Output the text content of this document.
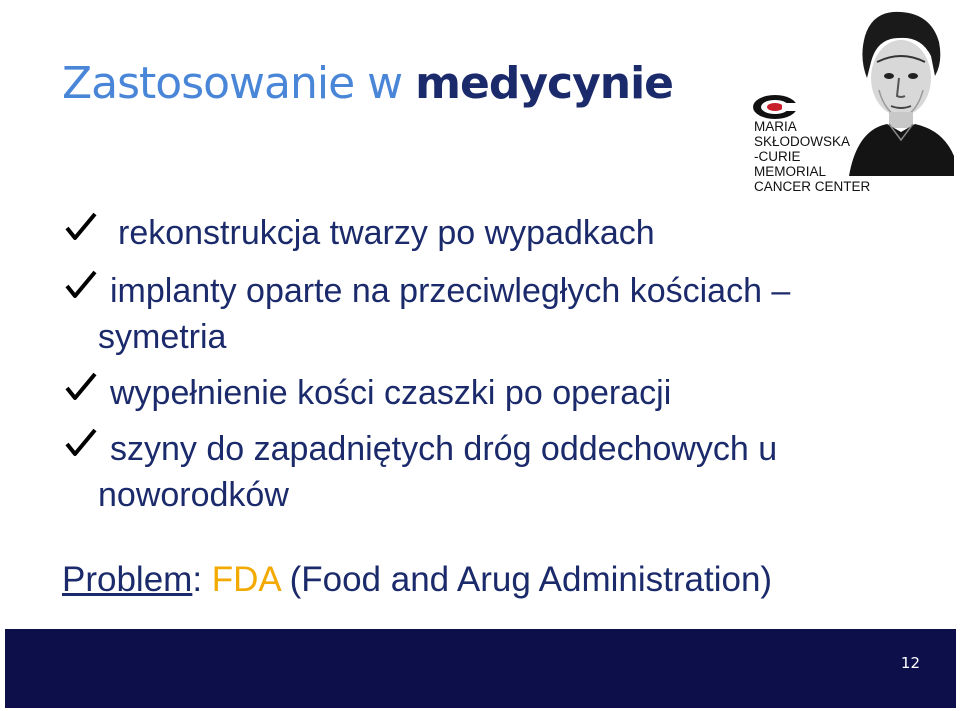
Zastosowanie w medycynie
MARIA
SKŁODOWSKA
-CURIE
MEMORIAL
CANCER CENTER
rekonstrukcja twarzy po wypadkach
implanty oparte na przeciwległych kościach –
symetria
wypełnienie kości czaszki po operacji
szyny do zapadniętych dróg oddechowych u
noworodków
Problem: FDA (Food and Arug Administration)
12
